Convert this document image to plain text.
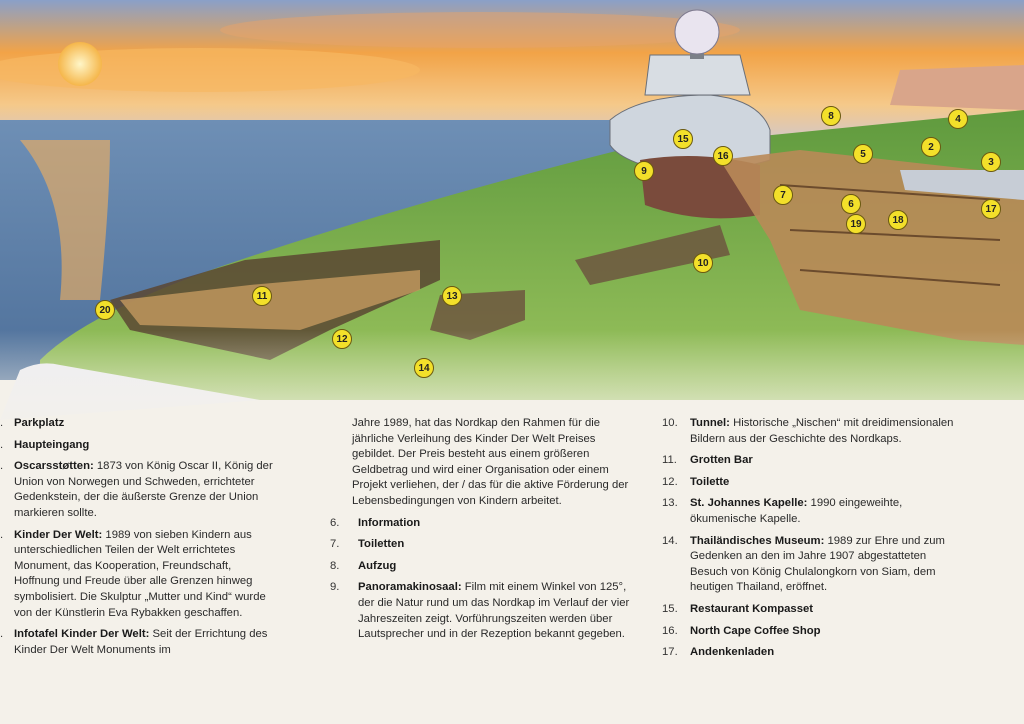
4
2
3
5
8
15
16
9
7
6
19	18
17
10
11	13
12
14
20
. Parkplatz
. Haupteingang
. Oscarsstøtten: 1873 von König Oscar II, König der Union von Norwegen und Schweden, errichteter Gedenkstein, der die äußerste Grenze der Union markieren sollte.
. Kinder Der Welt: 1989 von sieben Kindern aus unterschiedlichen Teilen der Welt errichtetes Monument, das Kooperation, Freundschaft, Hoffnung und Freude über alle Grenzen hinweg symbolisiert. Die Skulptur „Mutter und Kind“ wurde von der Künstlerin Eva Rybakken geschaffen.
. Infotafel Kinder Der Welt: Seit der Errichtung des Kinder Der Welt Monuments im
Jahre 1989, hat das Nordkap den Rahmen für die jährliche Verleihung des Kinder Der Welt Preises gebildet. Der Preis besteht aus einem größeren Geldbetrag und wird einer Organisation oder einem Projekt verliehen, der / das für die aktive Förderung der Lebensbedingungen von Kindern arbeitet.
6.	Information
7.	Toiletten
8.	Aufzug
9.	Panoramakinosaal: Film mit einem Winkel von 125°, der die Natur rund um das Nordkap im Verlauf der vier Jahreszeiten zeigt. Vorführungszeiten werden über Lautsprecher und in der Rezeption bekannt gegeben.
10.	Tunnel: Historische „Nischen“ mit dreidimensionalen Bildern aus der Geschichte des Nordkaps.
11.	Grotten Bar
12.	Toilette
13.	St. Johannes Kapelle: 1990 eingeweihte, ökumenische Kapelle.
14.	Thailändisches Museum: 1989 zur Ehre und zum Gedenken an den im Jahre 1907 abgestatteten Besuch von König Chulalongkorn von Siam, dem heutigen Thailand, eröffnet.
15.	Restaurant Kompasset
16.	North Cape Coffee Shop
17.	Andenkenladen
